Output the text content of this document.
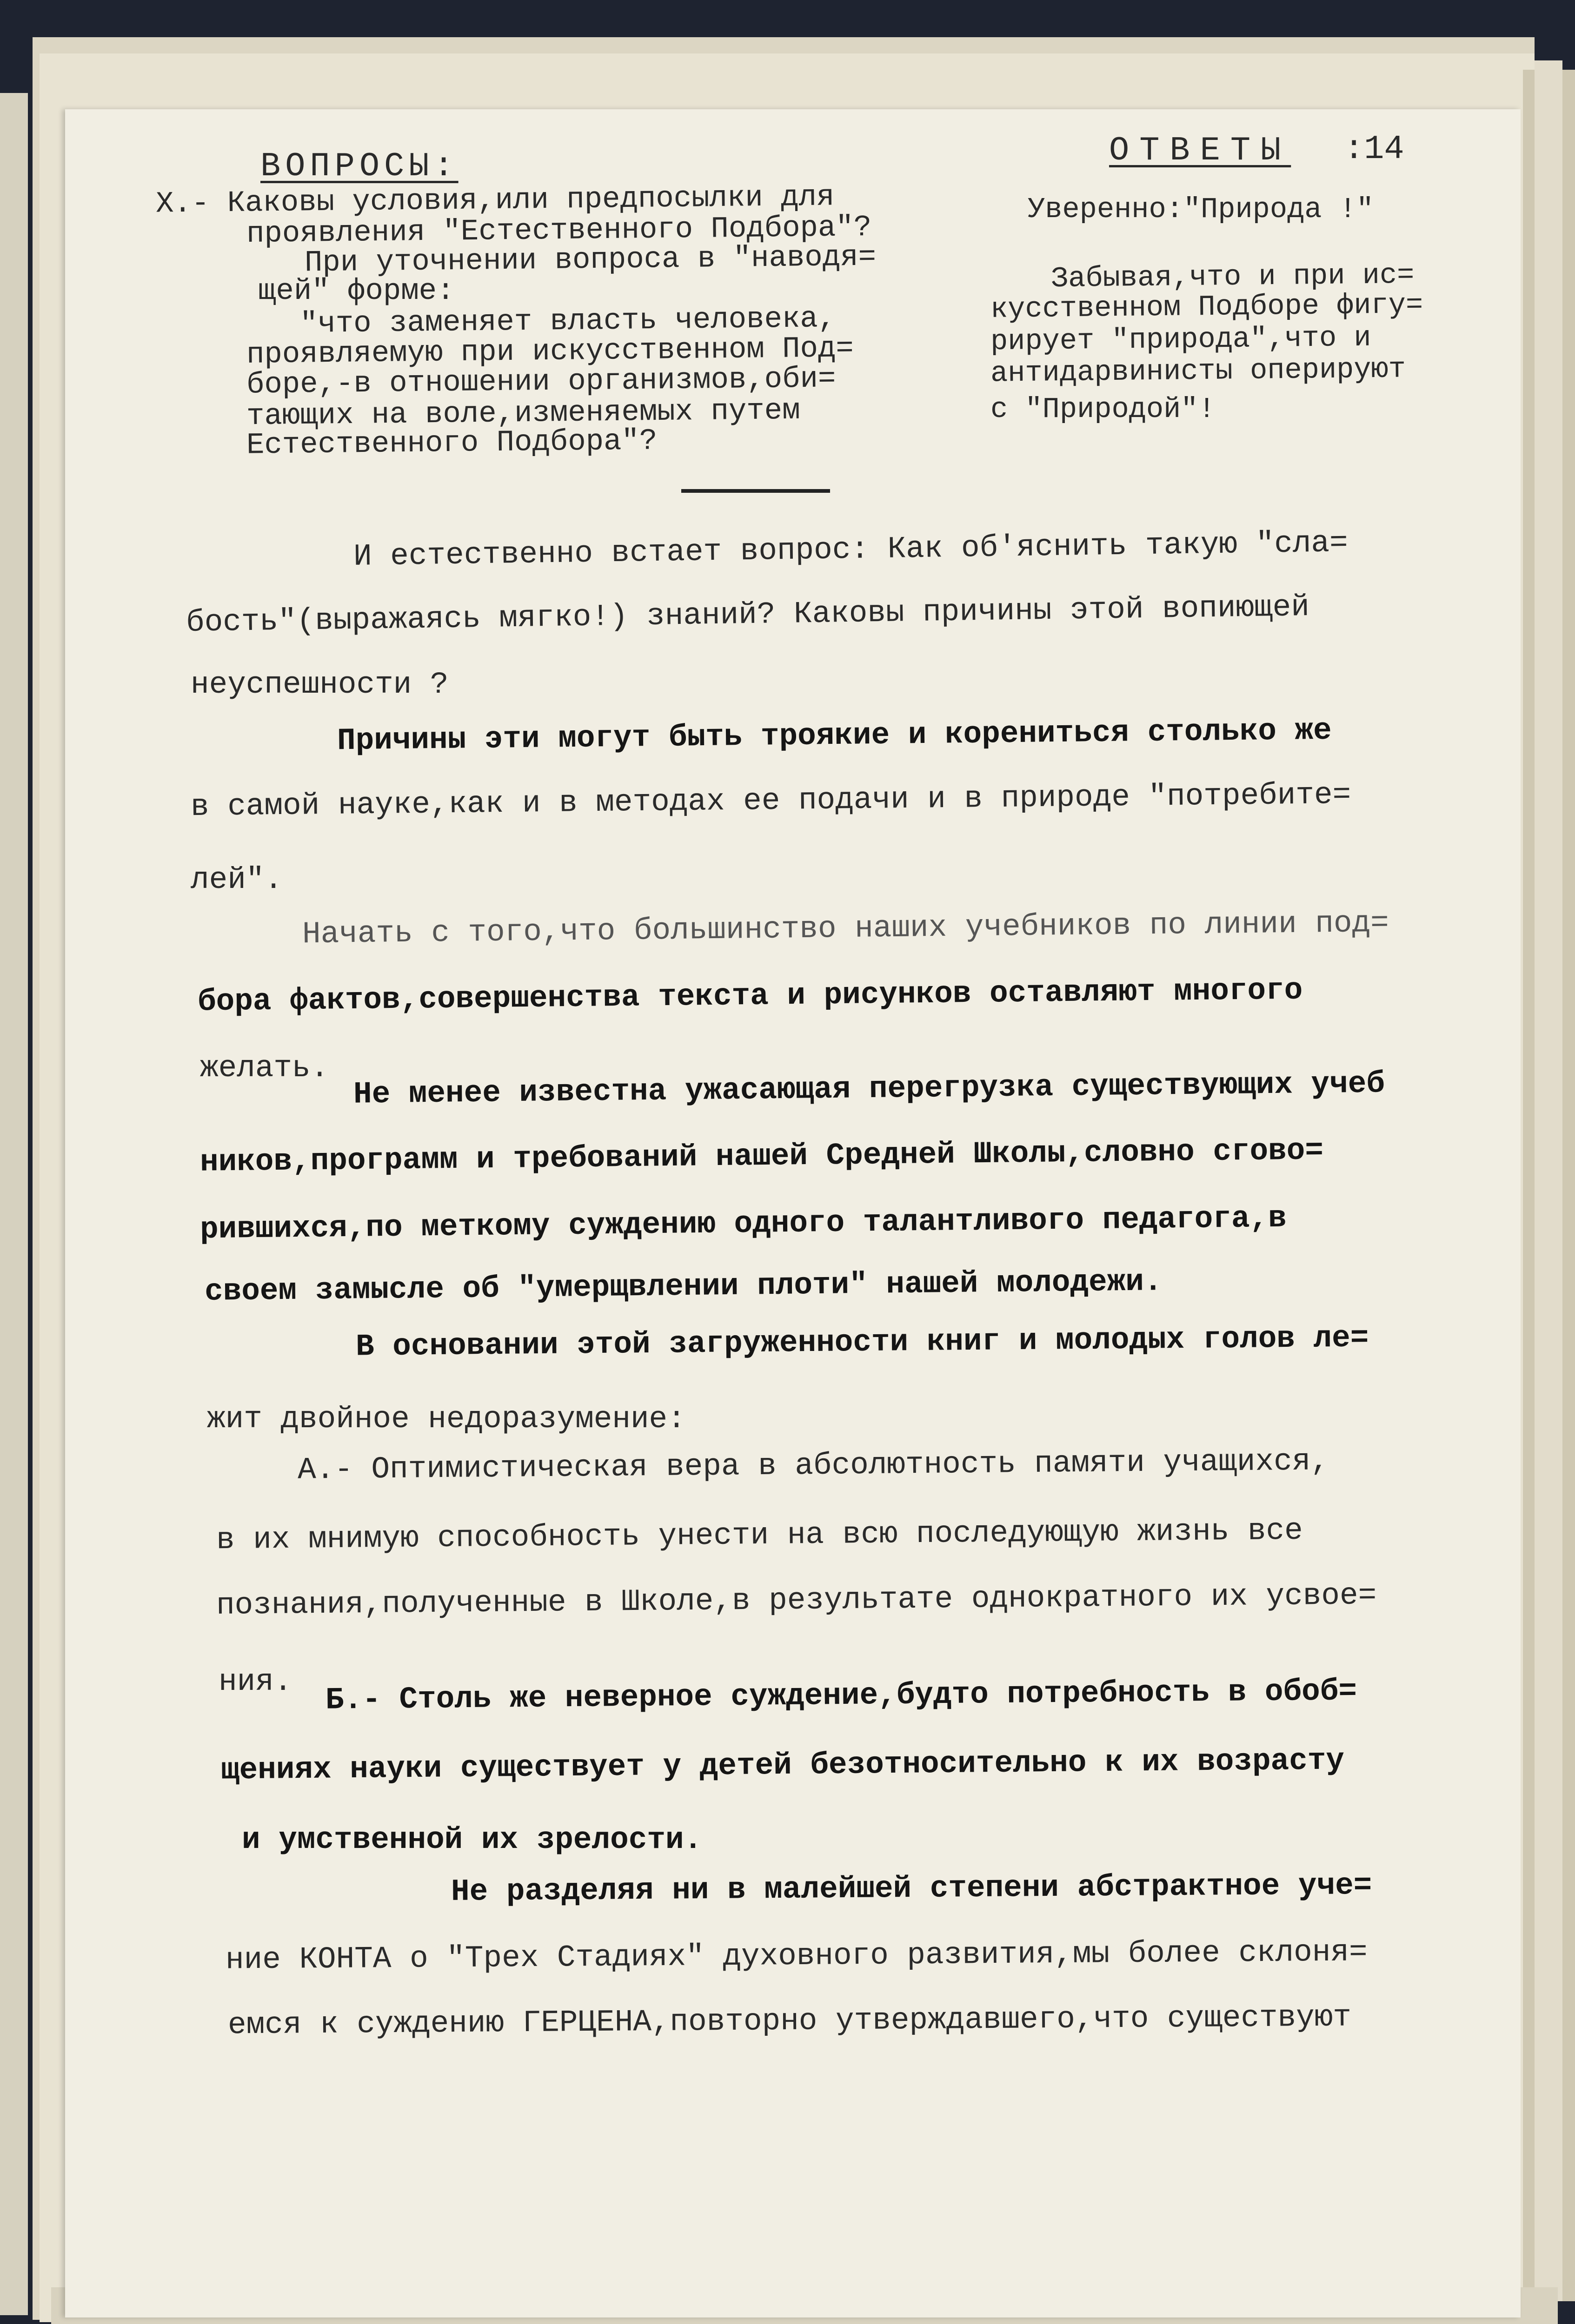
ВОПРОСЫ:	ОТВЕТЫ :14
Х.- Каковы условия,или предпосылки для
проявления "Естественного Подбора"?
При уточнении вопроса в "наводя=
щей" форме:
"что заменяет власть человека,
проявляемую при искусственном Под=
боре,-в отношении организмов,оби=
тающих на воле,изменяемых путем
Естественного Подбора"?
Уверенно:"Природа !"
Забывая,что и при ис=
кусственном Подборе фигу=
рирует "природа",что и
антидарвинисты оперируют
с "Природой"!
И естественно встает вопрос: Как об'яснить такую "сла=
бость"(выражаясь мягко!) знаний? Каковы причины этой вопиющей
неуспешности ?
Причины эти могут быть троякие и корениться столько же
в самой науке,как и в методах ее подачи и в природе "потребите=
лей".
Начать с того,что большинство наших учебников по линии под=
бора фактов,совершенства текста и рисунков оставляют многого
желать. Не менее известна ужасающая перегрузка существующих учеб
ников,программ и требований нашей Средней Школы,словно сгово=
рившихся,по меткому суждению одного талантливого педагога,в
своем замысле об "умерщвлении плоти" нашей молодежи.
В основании этой загруженности книг и молодых голов ле=
жит двойное недоразумение:
А.- Оптимистическая вера в абсолютность памяти учащихся,
в их мнимую способность унести на всю последующую жизнь все
познания,полученные в Школе,в результате однократного их усвое=
ния. Б.- Столь же неверное суждение,будто потребность в обоб=
щениях науки существует у детей безотносительно к их возрасту
и умственной их зрелости.
Не разделяя ни в малейшей степени абстрактное уче=
ние КОНТА о "Трех Стадиях" духовного развития,мы более склоня=
емся к суждению ГЕРЦЕНА,повторно утверждавшего,что существуют
